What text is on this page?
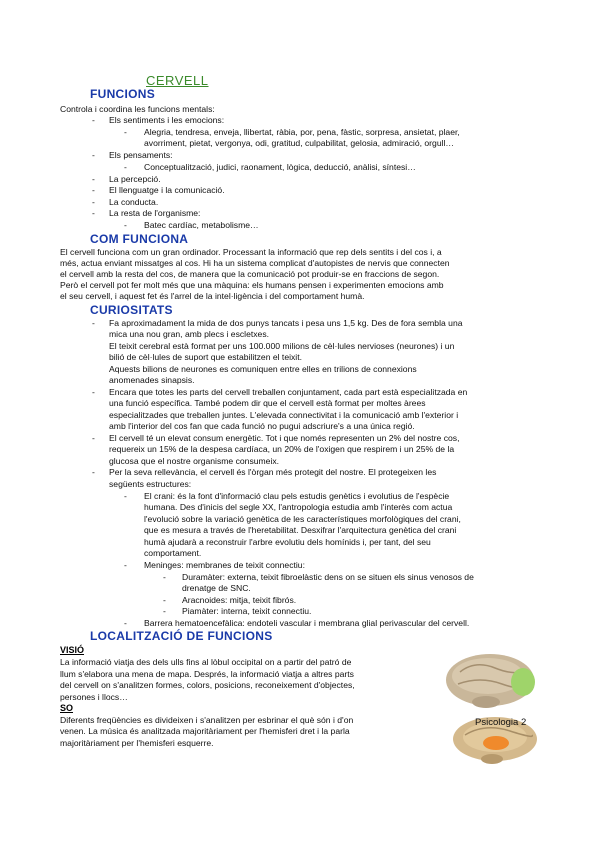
CERVELL
FUNCIONS
Controla i coordina les funcions mentals:
- Els sentiments i les emocions:
- Alegria, tendresa, enveja, llibertat, ràbia, por, pena, fàstic, sorpresa, ansietat, plaer,
avorriment, pietat, vergonya, odi, gratitud, culpabilitat, gelosia, admiració, orgull…
- Els pensaments:
- Conceptualització, judici, raonament, lògica, deducció, anàlisi, síntesi…
- La percepció.
- El llenguatge i la comunicació.
- La conducta.
- La resta de l'organisme:
- Batec cardíac, metabolisme…
COM FUNCIONA
El cervell funciona com un gran ordinador. Processant la informació que rep dels sentits i del cos i, a
més, actua enviant missatges al cos. Hi ha un sistema complicat d'autopistes de nervis que connecten
el cervell amb la resta del cos, de manera que la comunicació pot produir-se en fraccions de segon.
Però el cervell pot fer molt més que una màquina: els humans pensen i experimenten emocions amb
el seu cervell, i aquest fet és l'arrel de la intel·ligència i del comportament humà.
CURIOSITATS
- Fa aproximadament la mida de dos punys tancats i pesa uns 1,5 kg. Des de fora sembla una
mica una nou gran, amb plecs i escletxes.
El teixit cerebral està format per uns 100.000 milions de cèl·lules nervioses (neurones) i un
bilió de cèl·lules de suport que estabilitzen el teixit.
Aquests bilions de neurones es comuniquen entre elles en trilions de connexions
anomenades sinapsis.
- Encara que totes les parts del cervell treballen conjuntament, cada part està especialitzada en
una funció específica. També podem dir que el cervell està format per moltes àrees
especialitzades que treballen juntes. L'elevada connectivitat i la comunicació amb l'exterior i
amb l'interior del cos fan que cada funció no pugui adscriure's a una única regió.
- El cervell té un elevat consum energètic. Tot i que només representen un 2% del nostre cos,
requereix un 15% de la despesa cardíaca, un 20% de l'oxigen que respirem i un 25% de la
glucosa que el nostre organisme consumeix.
- Per la seva rellevància, el cervell és l'òrgan més protegit del nostre. El protegeixen les
següents estructures:
- El crani: és la font d'informació clau pels estudis genètics i evolutius de l'espècie
humana. Des d'inicis del segle XX, l'antropologia estudia amb l'interès com actua
l'evolució sobre la variació genètica de les característiques morfològiques del crani,
que es mesura a través de l'heretabilitat. Desxifrar l'arquitectura genètica del crani
humà ajudarà a reconstruir l'arbre evolutiu dels homínids i, per tant, del seu
comportament.
- Meninges: membranes de teixit connectiu:
- Duramàter: externa, teixit fibroelàstic dens on se situen els sinus venosos de
drenatge de SNC.
- Aracnoides: mitja, teixit fibrós.
- Piamàter: interna, teixit connectiu.
- Barrera hematoencefàlica: endoteli vascular i membrana glial perivascular del cervell.
LOCALITZACIÓ DE FUNCIONS
VISIÓ
La informació viatja des dels ulls fins al lòbul occipital on a partir del patró de
llum s'elabora una mena de mapa. Després, la informació viatja a altres parts
del cervell on s'analitzen formes, colors, posicions, reconeixement d'objectes,
persones i llocs…
SO
Diferents freqüències es divideixen i s'analitzen per esbrinar el què són i d'on
venen. La música és analitzada majoritàriament per l'hemisferi dret i la parla
majoritàriament per l'hemisferi esquerre.
Psicologia 2
